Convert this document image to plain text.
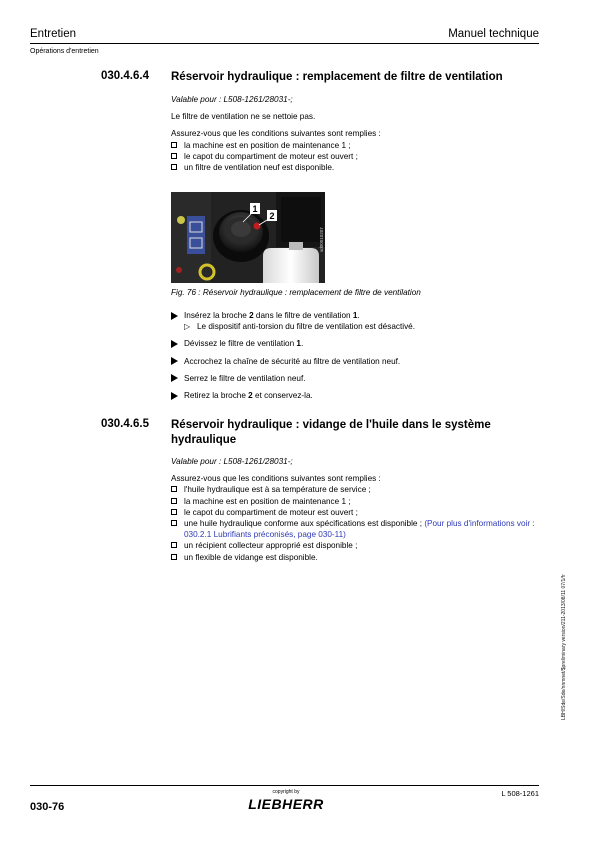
Entretien	Manuel technique
Opérations d'entretien
030.4.6.4 Réservoir hydraulique : remplacement de filtre de ventilation

Valable pour : L508-1261/28031-;

Le filtre de ventilation ne se nettoie pas.

Assurez-vous que les conditions suivantes sont remplies :

la machine est en position de maintenance 1 ;
le capot du compartiment de moteur est ouvert ;
un filtre de ventilation neuf est disponible.
1
2
sd00010207

Fig. 76 : Réservoir hydraulique : remplacement de filtre de ventilation

Insérez la broche 2 dans le filtre de ventilation 1.
▷ Le dispositif anti-torsion du filtre de ventilation est désactivé.
Dévissez le filtre de ventilation 1.
Accrochez la chaîne de sécurité au filtre de ventilation neuf.
Serrez le filtre de ventilation neuf.
Retirez la broche 2 et conservez-la.
030.4.6.5 Réservoir hydraulique : vidange de l'huile dans le système hydraulique

Valable pour : L508-1261/28031-;

Assurez-vous que les conditions suivantes sont remplies :

l'huile hydraulique est à sa température de service ;
la machine est en position de maintenance 1 ;
le capot du compartiment de moteur est ouvert ;
une huile hydraulique conforme aux spécifications est disponible ; (Pour plus d'informations voir : 030.2.1 Lubrifiants préconisés, page 030-11)
un récipient collecteur approprié est disponible ;
un flexible de vidange est disponible.
LBH/Sde/Sde/nnmnet/$preliminary version/211-2013/08/11 07/1/fr
L 508-1261
copyright by
LIEBHERR
030-76
